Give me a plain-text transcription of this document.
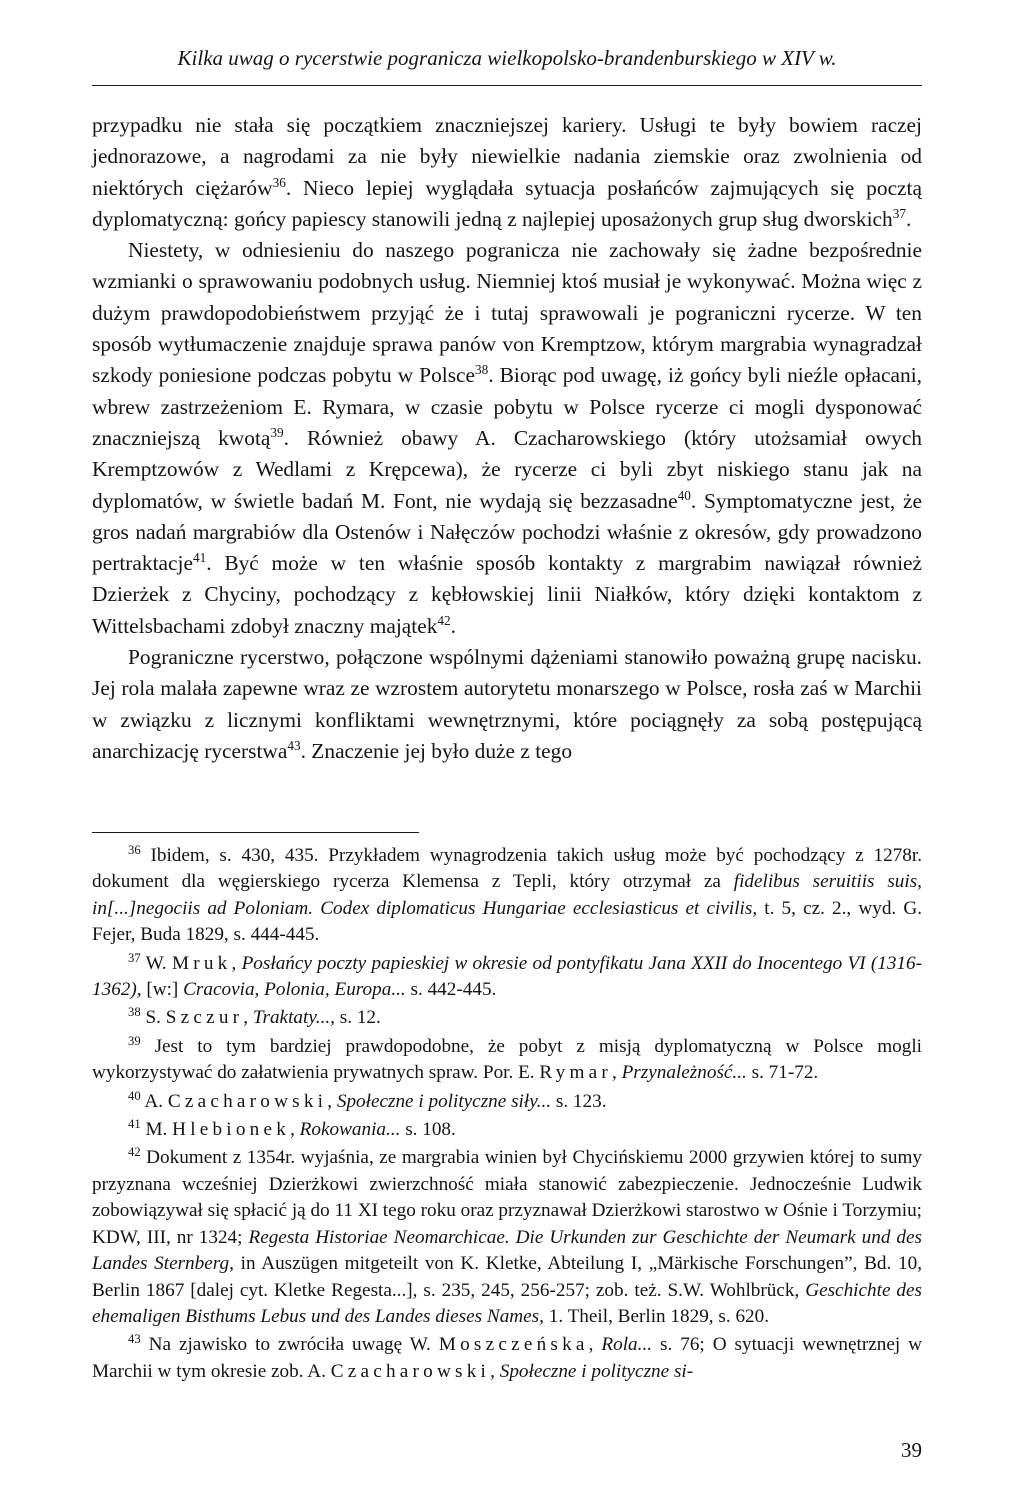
Kilka uwag o rycerstwie pogranicza wielkopolsko-brandenburskiego w XIV w.

przypadku nie stała się początkiem znaczniejszej kariery. Usługi te były bowiem raczej jednorazowe, a nagrodami za nie były niewielkie nadania ziemskie oraz zwolnienia od niektórych ciężarów$^{36}$. Nieco lepiej wyglądała sytuacja posłańców zajmujących się pocztą dyplomatyczną: gońcy papiescy stanowili jedną z najlepiej uposażonych grup sług dworskich$^{37}$.

Niestety, w odniesieniu do naszego pogranicza nie zachowały się żadne bezpośrednie wzmianki o sprawowaniu podobnych usług. Niemniej ktoś musiał je wykonywać. Można więc z dużym prawdopodobieństwem przyjąć że i tutaj sprawowali je pograniczni rycerze. W ten sposób wytłumaczenie znajduje sprawa panów von Kremptzow, którym margrabia wynagradzał szkody poniesione podczas pobytu w Polsce$^{38}$. Biorąc pod uwagę, iż gońcy byli nieźle opłacani, wbrew zastrzeżeniom E. Rymara, w czasie pobytu w Polsce rycerze ci mogli dysponować znaczniejszą kwotą$^{39}$. Również obawy A. Czacharowskiego (który utożsamiał owych Kremptzowów z Wedlami z Krępcewa), że rycerze ci byli zbyt niskiego stanu jak na dyplomatów, w świetle badań M. Font, nie wydają się bezzasadne$^{40}$. Symptomatyczne jest, że gros nadań margrabiów dla Ostenów i Nałęczów pochodzi właśnie z okresów, gdy prowadzono pertraktacje$^{41}$. Być może w ten właśnie sposób kontakty z margrabim nawiązał również Dzierżek z Chyciny, pochodzący z kębłowskiej linii Niałków, który dzięki kontaktom z Wittelsbachami zdobył znaczny majątek$^{42}$.

Pograniczne rycerstwo, połączone wspólnymi dążeniami stanowiło poważną grupę nacisku. Jej rola malała zapewne wraz ze wzrostem autorytetu monarszego w Polsce, rosła zaś w Marchii w związku z licznymi konfliktami wewnętrznymi, które pociągnęły za sobą postępującą anarchizację rycerstwa$^{43}$. Znaczenie jej było duże z tego

$^{36}$ Ibidem, s. 430, 435. Przykładem wynagrodzenia takich usług może być pochodzący z 1278r. dokument dla węgierskiego rycerza Klemensa z Tepli, który otrzymał za fidelibus seruitiis suis, in[...]negociis ad Poloniam. Codex diplomaticus Hungariae ecclesiasticus et civilis, t. 5, cz. 2., wyd. G. Fejer, Buda 1829, s. 444-445.

$^{37}$ W. Mruk, Posłańcy poczty papieskiej w okresie od pontyfikatu Jana XXII do Inocentego VI (1316-1362), [w:] Cracovia, Polonia, Europa... s. 442-445.

$^{38}$ S. Szczur, Traktaty..., s. 12.

$^{39}$ Jest to tym bardziej prawdopodobne, że pobyt z misją dyplomatyczną w Polsce mogli wykorzystywać do załatwienia prywatnych spraw. Por. E. Rymar, Przynależność... s. 71-72.

$^{40}$ A. Czacharowski, Społeczne i polityczne siły... s. 123.

$^{41}$ M. Hlebionek, Rokowania... s. 108.

$^{42}$ Dokument z 1354r. wyjaśnia, ze margrabia winien był Chycińskiemu 2000 grzywien której to sumy przyznana wcześniej Dzierżkowi zwierzchność miała stanowić zabezpieczenie. Jednocześnie Ludwik zobowiązywał się spłacić ją do 11 XI tego roku oraz przyznawał Dzierżkowi starostwo w Ośnie i Torzymiu; KDW, III, nr 1324; Regesta Historiae Neomarchicae. Die Urkunden zur Geschichte der Neumark und des Landes Sternberg, in Auszügen mitgeteilt von K. Kletke, Abteilung I, „Märkische Forschungen”, Bd. 10, Berlin 1867 [dalej cyt. Kletke Regesta...], s. 235, 245, 256-257; zob. też. S.W. Wohlbrück, Geschichte des ehemaligen Bisthums Lebus und des Landes dieses Names, 1. Theil, Berlin 1829, s. 620.

$^{43}$ Na zjawisko to zwróciła uwagę W. Moszczeńska, Rola... s. 76; O sytuacji wewnętrznej w Marchii w tym okresie zob. A. Czacharowski, Społeczne i polityczne si-

39
